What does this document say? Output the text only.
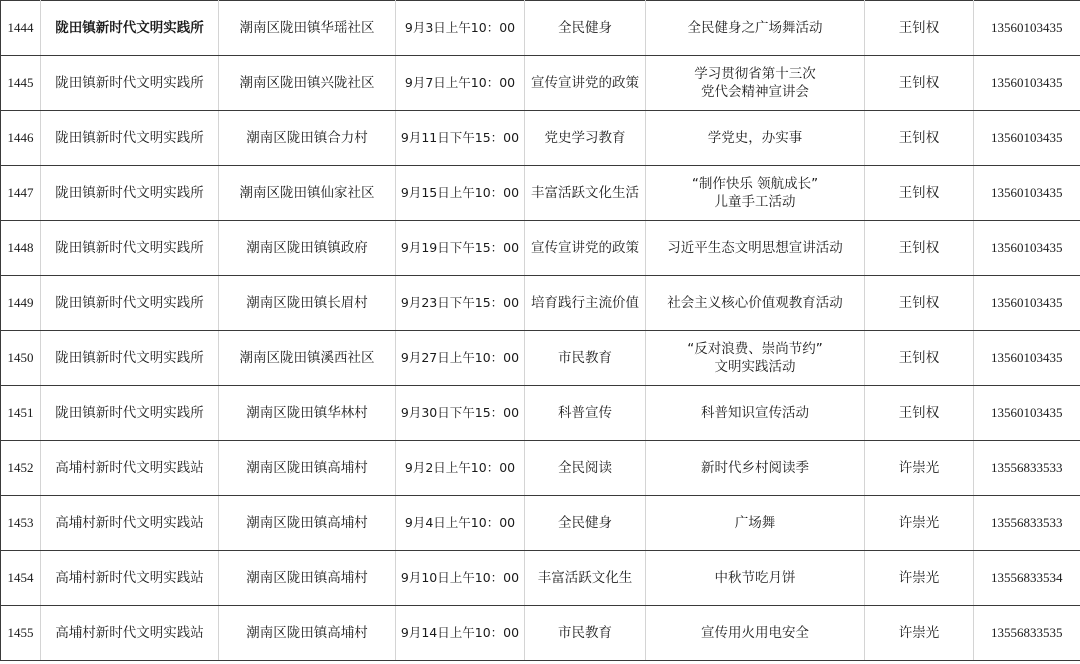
1444	陇田镇新时代文明实践所	潮南区陇田镇华瑶社区	9月3日上午10：00	全民健身	全民健身之广场舞活动	王钊权	13560103435
1445	陇田镇新时代文明实践所	潮南区陇田镇兴陇社区	9月7日上午10：00	宣传宣讲党的政策	学习贯彻省第十三次
党代会精神宣讲会	王钊权	13560103435
1446	陇田镇新时代文明实践所	潮南区陇田镇合力村	9月11日下午15：00	党史学习教育	学党史，办实事	王钊权	13560103435
1447	陇田镇新时代文明实践所	潮南区陇田镇仙家社区	9月15日上午10：00	丰富活跃文化生活	“制作快乐 领航成长”
儿童手工活动	王钊权	13560103435
1448	陇田镇新时代文明实践所	潮南区陇田镇镇政府	9月19日下午15：00	宣传宣讲党的政策	习近平生态文明思想宣讲活动	王钊权	13560103435
1449	陇田镇新时代文明实践所	潮南区陇田镇长眉村	9月23日下午15：00	培育践行主流价值	社会主义核心价值观教育活动	王钊权	13560103435
1450	陇田镇新时代文明实践所	潮南区陇田镇溪西社区	9月27日上午10：00	市民教育	“反对浪费、崇尚节约”
文明实践活动	王钊权	13560103435
1451	陇田镇新时代文明实践所	潮南区陇田镇华林村	9月30日下午15：00	科普宣传	科普知识宣传活动	王钊权	13560103435
1452	高埔村新时代文明实践站	潮南区陇田镇高埔村	9月2日上午10：00	全民阅读	新时代乡村阅读季	许崇光	13556833533
1453	高埔村新时代文明实践站	潮南区陇田镇高埔村	9月4日上午10：00	全民健身	广场舞	许崇光	13556833533
1454	高埔村新时代文明实践站	潮南区陇田镇高埔村	9月10日上午10：00	丰富活跃文化生	中秋节吃月饼	许崇光	13556833534
1455	高埔村新时代文明实践站	潮南区陇田镇高埔村	9月14日上午10：00	市民教育	宣传用火用电安全	许崇光	13556833535
